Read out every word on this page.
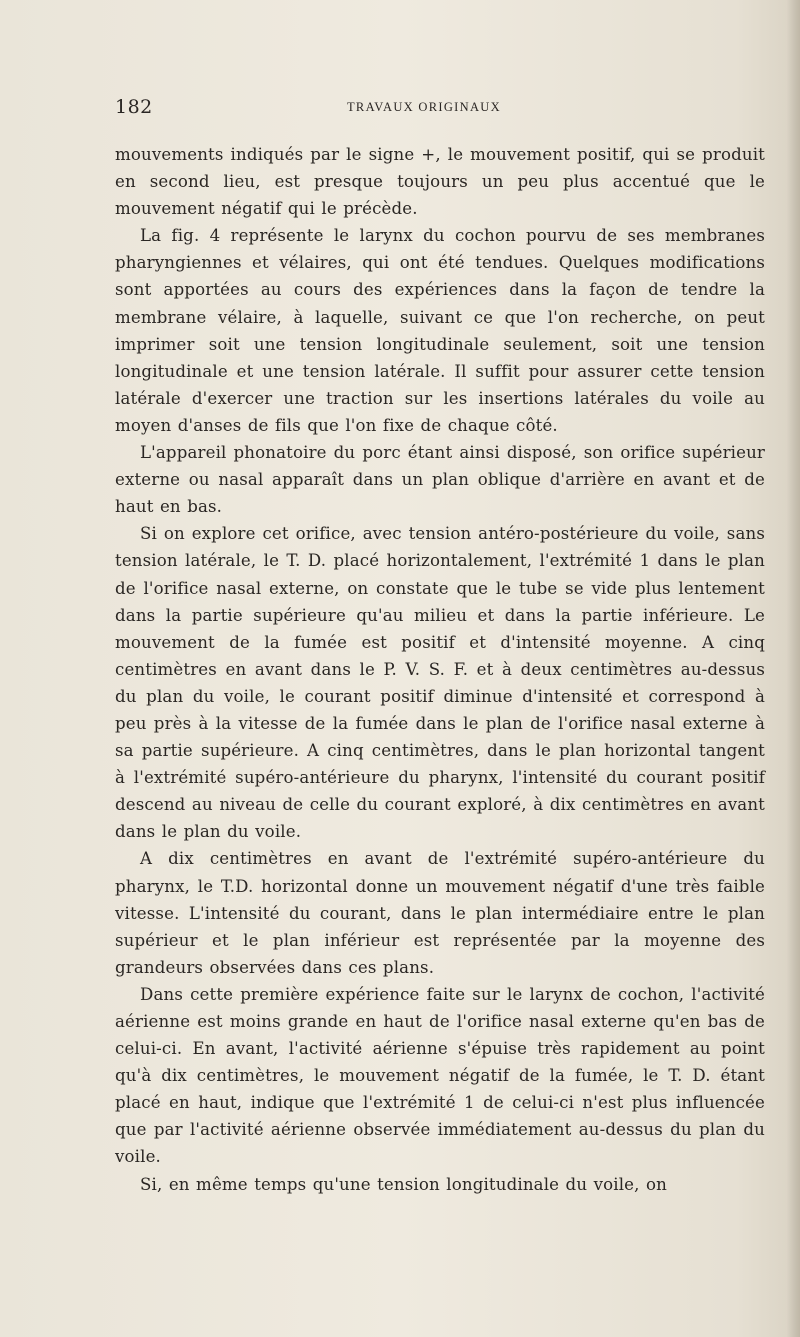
182	TRAVAUX ORIGINAUX

mouvements indiqués par le signe +, le mouvement positif, qui se produit en second lieu, est presque toujours un peu plus accentué que le mouvement négatif qui le précède.

La fig. 4 représente le larynx du cochon pourvu de ses membranes pharyngiennes et vélaires, qui ont été tendues. Quelques modifications sont apportées au cours des expériences dans la façon de tendre la membrane vélaire, à laquelle, suivant ce que l'on recherche, on peut imprimer soit une tension longitudinale seulement, soit une tension longitudinale et une tension latérale. Il suffit pour assurer cette tension latérale d'exercer une traction sur les insertions latérales du voile au moyen d'anses de fils que l'on fixe de chaque côté.

L'appareil phonatoire du porc étant ainsi disposé, son orifice supérieur externe ou nasal apparaît dans un plan oblique d'arrière en avant et de haut en bas.

Si on explore cet orifice, avec tension antéro-postérieure du voile, sans tension latérale, le T. D. placé horizontalement, l'extrémité 1 dans le plan de l'orifice nasal externe, on constate que le tube se vide plus lentement dans la partie supérieure qu'au milieu et dans la partie inférieure. Le mouvement de la fumée est positif et d'intensité moyenne. A cinq centimètres en avant dans le P. V. S. F. et à deux centimètres au-dessus du plan du voile, le courant positif diminue d'intensité et correspond à peu près à la vitesse de la fumée dans le plan de l'orifice nasal externe à sa partie supérieure. A cinq centimètres, dans le plan horizontal tangent à l'extrémité supéro-antérieure du pharynx, l'intensité du courant positif descend au niveau de celle du courant exploré, à dix centimètres en avant dans le plan du voile.

A dix centimètres en avant de l'extrémité supéro-antérieure du pharynx, le T.D. horizontal donne un mouvement négatif d'une très faible vitesse. L'intensité du courant, dans le plan intermédiaire entre le plan supérieur et le plan inférieur est représentée par la moyenne des grandeurs observées dans ces plans.

Dans cette première expérience faite sur le larynx de cochon, l'activité aérienne est moins grande en haut de l'orifice nasal externe qu'en bas de celui-ci. En avant, l'activité aérienne s'épuise très rapidement au point qu'à dix centimètres, le mouvement négatif de la fumée, le T. D. étant placé en haut, indique que l'extrémité 1 de celui-ci n'est plus influencée que par l'activité aérienne observée immédiatement au-dessus du plan du voile.

Si, en même temps qu'une tension longitudinale du voile, on
